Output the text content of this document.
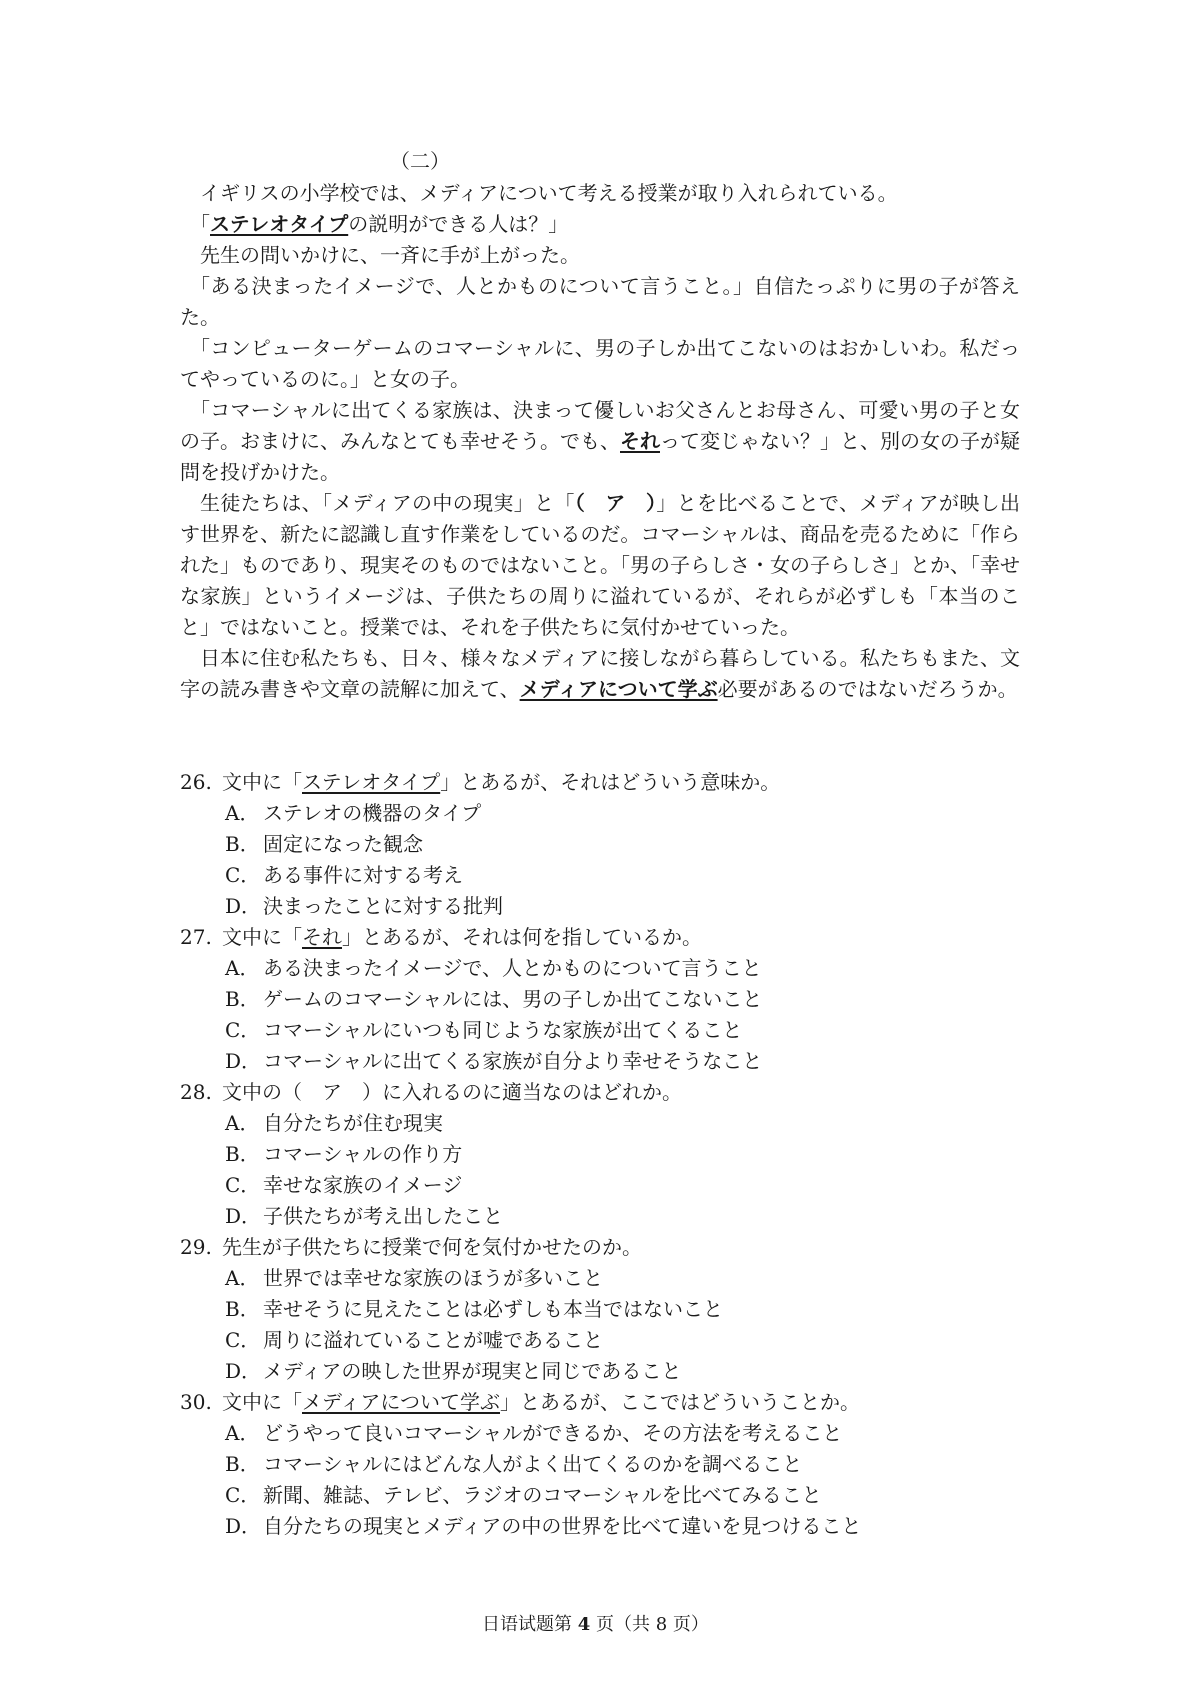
（二）

イギリスの小学校では、メディアについて考える授業が取り入れられている。

「ステレオタイプの説明ができる人は？」

先生の問いかけに、一斉に手が上がった。

「ある決まったイメージで、人とかものについて言うこと。」自信たっぷりに男の子が答えた。

「コンピューターゲームのコマーシャルに、男の子しか出てこないのはおかしいわ。私だってやっているのに。」と女の子。

「コマーシャルに出てくる家族は、決まって優しいお父さんとお母さん、可愛い男の子と女の子。おまけに、みんなとても幸せそう。でも、それって変じゃない？」と、別の女の子が疑問を投げかけた。

生徒たちは、「メディアの中の現実」と「（　ア　）」とを比べることで、メディアが映し出す世界を、新たに認識し直す作業をしているのだ。コマーシャルは、商品を売るために「作られた」ものであり、現実そのものではないこと。「男の子らしさ・女の子らしさ」とか、「幸せな家族」というイメージは、子供たちの周りに溢れているが、それらが必ずしも「本当のこと」ではないこと。授業では、それを子供たちに気付かせていった。

日本に住む私たちも、日々、様々なメディアに接しながら暮らしている。私たちもまた、文字の読み書きや文章の読解に加えて、メディアについて学ぶ必要があるのではないだろうか。

26. 文中に「ステレオタイプ」とあるが、それはどういう意味か。
A． ステレオの機器のタイプ
B． 固定になった観念
C． ある事件に対する考え
D．決まったことに対する批判
27. 文中に「それ」とあるが、それは何を指しているか。
A． ある決まったイメージで、人とかものについて言うこと
B． ゲームのコマーシャルには、男の子しか出てこないこと
C． コマーシャルにいつも同じような家族が出てくること
D．コマーシャルに出てくる家族が自分より幸せそうなこと
28. 文中の（　ア　）に入れるのに適当なのはどれか。
A． 自分たちが住む現実
B． コマーシャルの作り方
C． 幸せな家族のイメージ
D．子供たちが考え出したこと
29. 先生が子供たちに授業で何を気付かせたのか。
A． 世界では幸せな家族のほうが多いこと
B． 幸せそうに見えたことは必ずしも本当ではないこと
C． 周りに溢れていることが嘘であること
D．メディアの映した世界が現実と同じであること
30. 文中に「メディアについて学ぶ」とあるが、ここではどういうことか。
A． どうやって良いコマーシャルができるか、その方法を考えること
B． コマーシャルにはどんな人がよく出てくるのかを調べること
C． 新聞、雑誌、テレビ、ラジオのコマーシャルを比べてみること
D．自分たちの現実とメディアの中の世界を比べて違いを見つけること
日语试题第 4 页（共 8 页）
